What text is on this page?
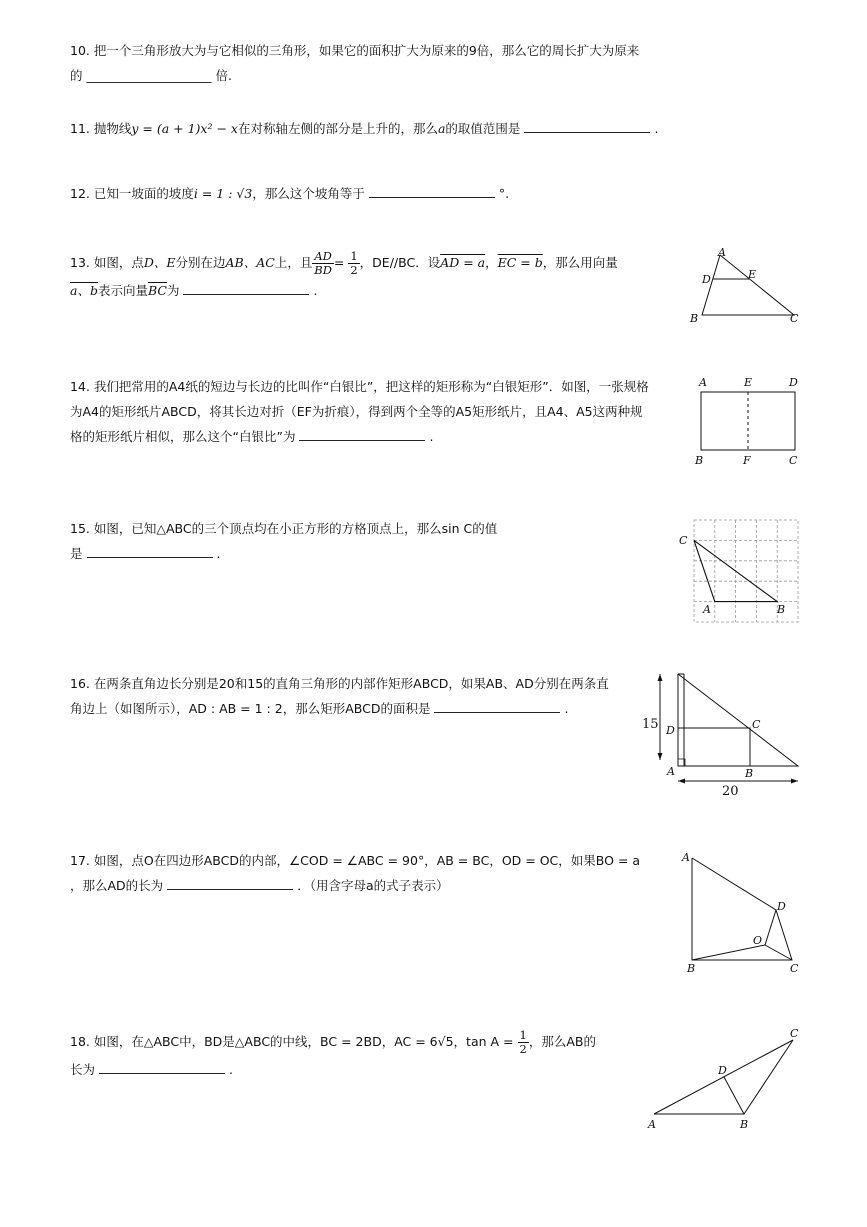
10. 把一个三角形放大为与它相似的三角形，如果它的面积扩大为原来的9倍，那么它的周长扩大为原来
的 ____________________ 倍.
11. 抛物线y = (a + 1)x² − x在对称轴左侧的部分是上升的，那么a的取值范围是	.
12. 已知一坡面的坡度i = 1 : √3，那么这个坡角等于	°.
13. 如图，点D、E分别在边AB、AC上，且 $\frac{AD}{BD} = \frac{1}{2}$ ，DE//BC．设AD = a，EC = b，那么用向量
a、b表示向量$\overline{BC}$为	.
14. 我们把常用的A4纸的短边与长边的比叫作“白银比”，把这样的矩形称为“白银矩形”．如图，一张规格
为A4的矩形纸片ABCD，将其长边对折（EF为折痕），得到两个全等的A5矩形纸片，且A4、A5这两种规
格的矩形纸片相似，那么这个“白银比”为	.
15. 如图，已知△ABC的三个顶点均在小正方形的方格顶点上，那么sin C的值
是	.
16. 在两条直角边长分别是20和15的直角三角形的内部作矩形ABCD，如果AB、AD分别在两条直
角边上（如图所示），AD : AB = 1 : 2，那么矩形ABCD的面积是	.
17. 如图，点O在四边形ABCD的内部，∠COD = ∠ABC = 90°，AB = BC，OD = OC，如果BO = a
，那么AD的长为	．（用含字母a的式子表示）
18. 如图，在△ABC中，BD是△ABC的中线，BC = 2BD，AC = 6√5，$\tan A = \frac{1}{2}$ ，那么AB的
长为	.
A
D	E
B	C
A	E	D
B	F	C
C
A	B
15 D	C
A	B
20
A
D
O
B	C
C
D
A	B
